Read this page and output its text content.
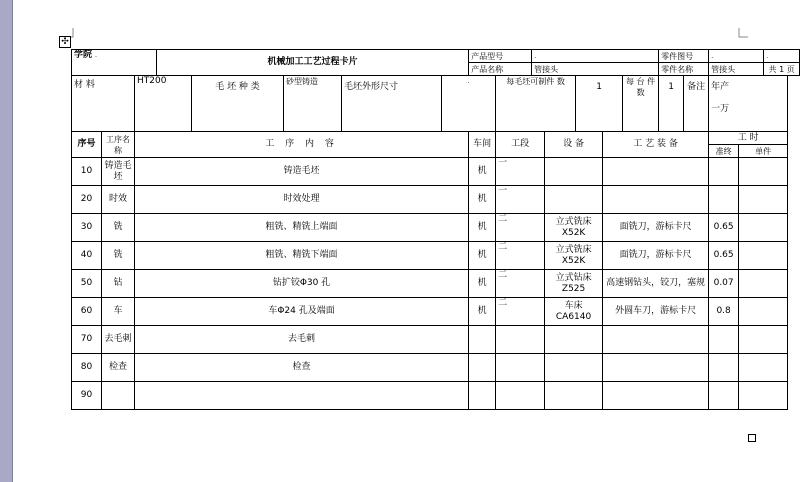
✣
学院 .			机械加工工艺过程卡片					产品型号		.					零件图号		.		.	
								产品名称		管接头					零件名称		管接头		共 1 页	
材 料		HT200		毛 坯 种 类	砂型铸造	毛坯外形尺寸	.		每毛坯可制件 数			1		每 台 件 数	1	备注	年产

一万			
序号	工序名称	工 序 内 容						车间	工段		设 备		工 艺 装 备				工 时			
																	准终	单件		
10	铸造毛坯	铸造毛坯						机	一											
20	时效	时效处理						机	一											
30	铣	粗铣、精铣上端面						机	二		立式铣床X52K		面铣刀，游标卡尺				0.65			
40	铣	粗铣、精铣下端面						机	二		立式铣床X52K		面铣刀，游标卡尺				0.65			
50	钻	钻扩铰Φ30 孔						机	二		立式钻床Z525		高速钢钻头，铰刀，塞规				0.07			
60	车	车Φ24 孔及端面						机	二		车床 CA6140		外圆车刀，游标卡尺				0.8			
70	去毛刺	去毛刺																		
80	检查	检查																		
90																				
